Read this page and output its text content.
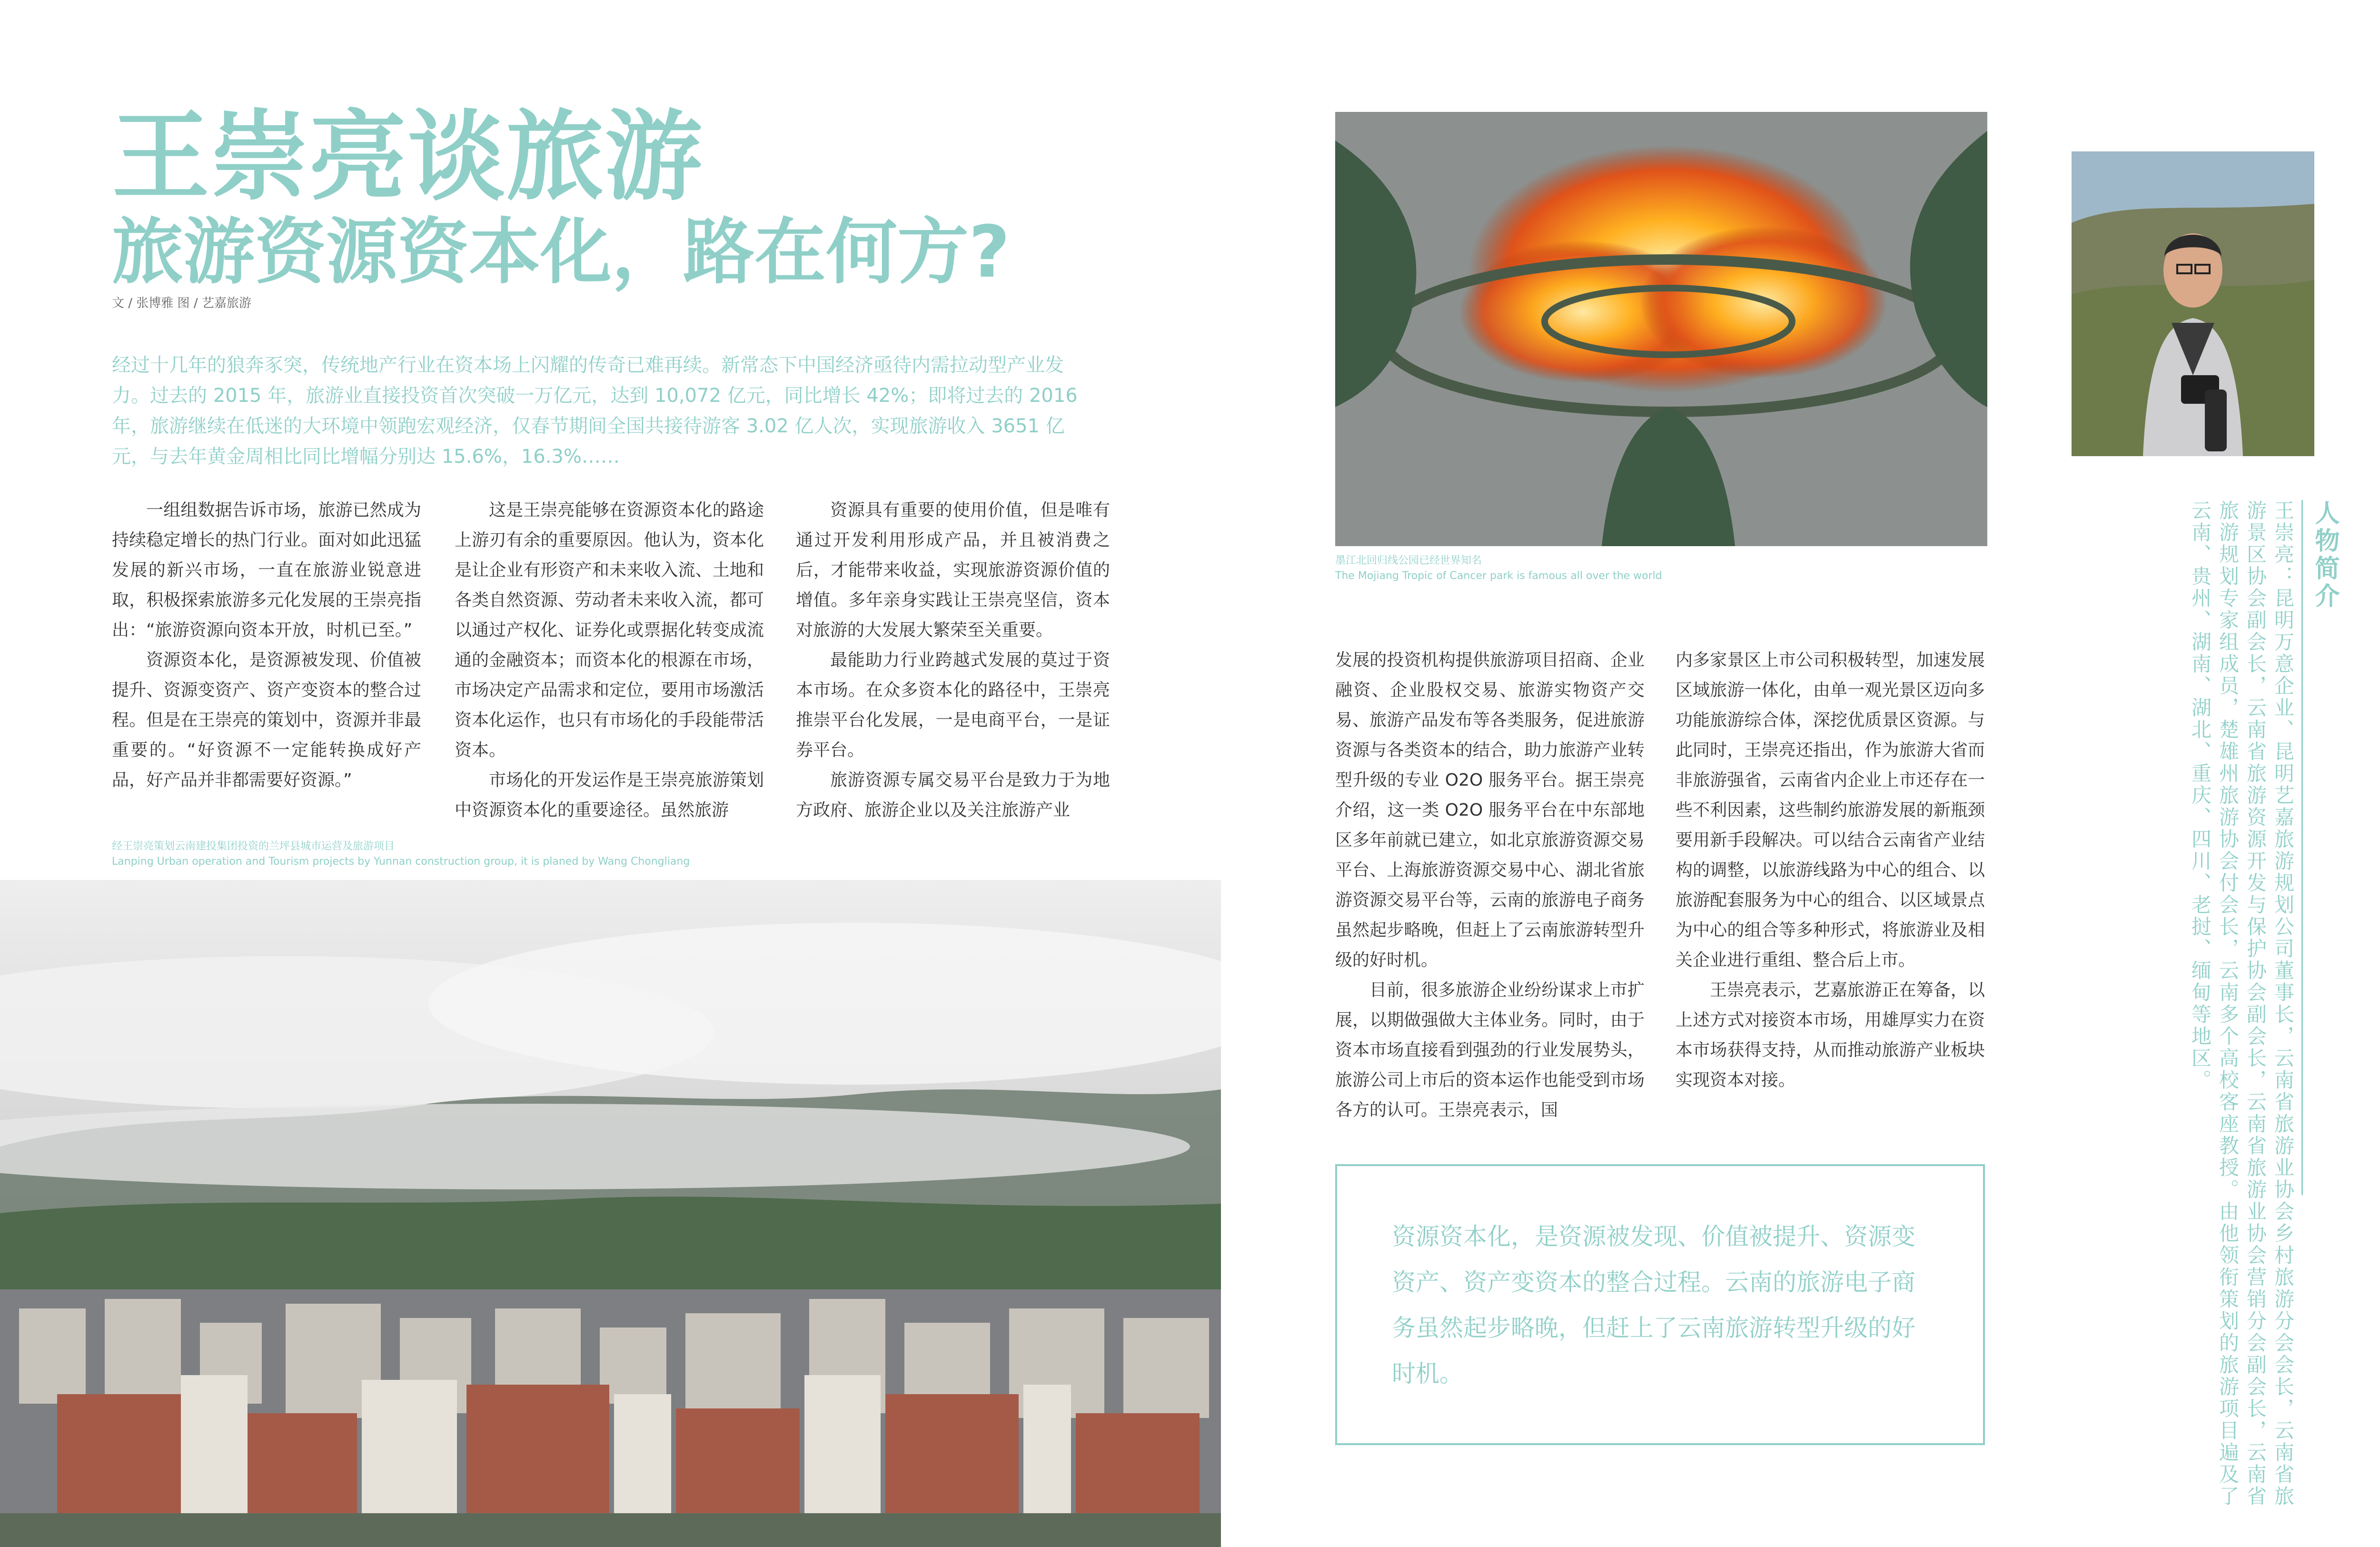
王崇亮谈旅游
旅游资源资本化，路在何方?
文 / 张博雅 图 / 艺嘉旅游
经过十几年的狼奔豕突，传统地产行业在资本场上闪耀的传奇已难再续。新常态下中国经济亟待内需拉动型产业发力。过去的 2015 年，旅游业直接投资首次突破一万亿元，达到 10,072 亿元，同比增长 42%；即将过去的 2016 年，旅游继续在低迷的大环境中领跑宏观经济，仅春节期间全国共接待游客 3.02 亿人次，实现旅游收入 3651 亿元，与去年黄金周相比同比增幅分别达 15.6%，16.3%……

一组组数据告诉市场，旅游已然成为持续稳定增长的热门行业。面对如此迅猛发展的新兴市场，一直在旅游业锐意进取，积极探索旅游多元化发展的王崇亮指出：“旅游资源向资本开放，时机已至。”

资源资本化，是资源被发现、价值被提升、资源变资产、资产变资本的整合过程。但是在王崇亮的策划中，资源并非最重要的。“好资源不一定能转换成好产品，好产品并非都需要好资源。”

这是王崇亮能够在资源资本化的路途上游刃有余的重要原因。他认为，资本化是让企业有形资产和未来收入流、土地和各类自然资源、劳动者未来收入流，都可以通过产权化、证券化或票据化转变成流通的金融资本；而资本化的根源在市场，市场决定产品需求和定位，要用市场激活资本化运作，也只有市场化的手段能带活资本。

市场化的开发运作是王崇亮旅游策划中资源资本化的重要途径。虽然旅游

资源具有重要的使用价值，但是唯有通过开发利用形成产品，并且被消费之后，才能带来收益，实现旅游资源价值的增值。多年亲身实践让王崇亮坚信，资本对旅游的大发展大繁荣至关重要。

最能助力行业跨越式发展的莫过于资本市场。在众多资本化的路径中，王崇亮推崇平台化发展，一是电商平台，一是证券平台。

旅游资源专属交易平台是致力于为地方政府、旅游企业以及关注旅游产业

经王崇亮策划云南建投集团投资的兰坪县城市运营及旅游项目
Lanping Urban operation and Tourism projects by Yunnan construction group, it is planed by Wang Chongliang
墨江北回归线公园已经世界知名
The Mojiang Tropic of Cancer park is famous all over the world

发展的投资机构提供旅游项目招商、企业融资、企业股权交易、旅游实物资产交易、旅游产品发布等各类服务，促进旅游资源与各类资本的结合，助力旅游产业转型升级的专业 O2O 服务平台。据王崇亮介绍，这一类 O2O 服务平台在中东部地区多年前就已建立，如北京旅游资源交易平台、上海旅游资源交易中心、湖北省旅游资源交易平台等，云南的旅游电子商务虽然起步略晚，但赶上了云南旅游转型升级的好时机。

目前，很多旅游企业纷纷谋求上市扩展，以期做强做大主体业务。同时，由于资本市场直接看到强劲的行业发展势头，旅游公司上市后的资本运作也能受到市场各方的认可。王崇亮表示，国

内多家景区上市公司积极转型，加速发展区域旅游一体化，由单一观光景区迈向多功能旅游综合体，深挖优质景区资源。与此同时，王崇亮还指出，作为旅游大省而非旅游强省，云南省内企业上市还存在一些不利因素，这些制约旅游发展的新瓶颈要用新手段解决。可以结合云南省产业结构的调整，以旅游线路为中心的组合、以旅游配套服务为中心的组合、以区域景点为中心的组合等多种形式，将旅游业及相关企业进行重组、整合后上市。

王崇亮表示，艺嘉旅游正在筹备，以上述方式对接资本市场，用雄厚实力在资本市场获得支持，从而推动旅游产业板块实现资本对接。

资源资本化，是资源被发现、价值被提升、资源变资产、资产变资本的整合过程。云南的旅游电子商务虽然起步略晚，但赶上了云南旅游转型升级的好时机。
人物简介
王崇亮：昆明万意企业、昆明艺嘉旅游规划公司董事长，云南省旅游业协会乡村旅游分会会长，云南省旅游景区协会副会长，云南省旅游资源开发与保护协会副会长，云南省旅游业协会营销分会副会长，云南省旅游规划专家组成员，楚雄州旅游协会付会长，云南多个高校客座教授。由他领衔策划的旅游项目遍及了云南、贵州、湖南、湖北、重庆、四川、老挝、缅甸等地区。
